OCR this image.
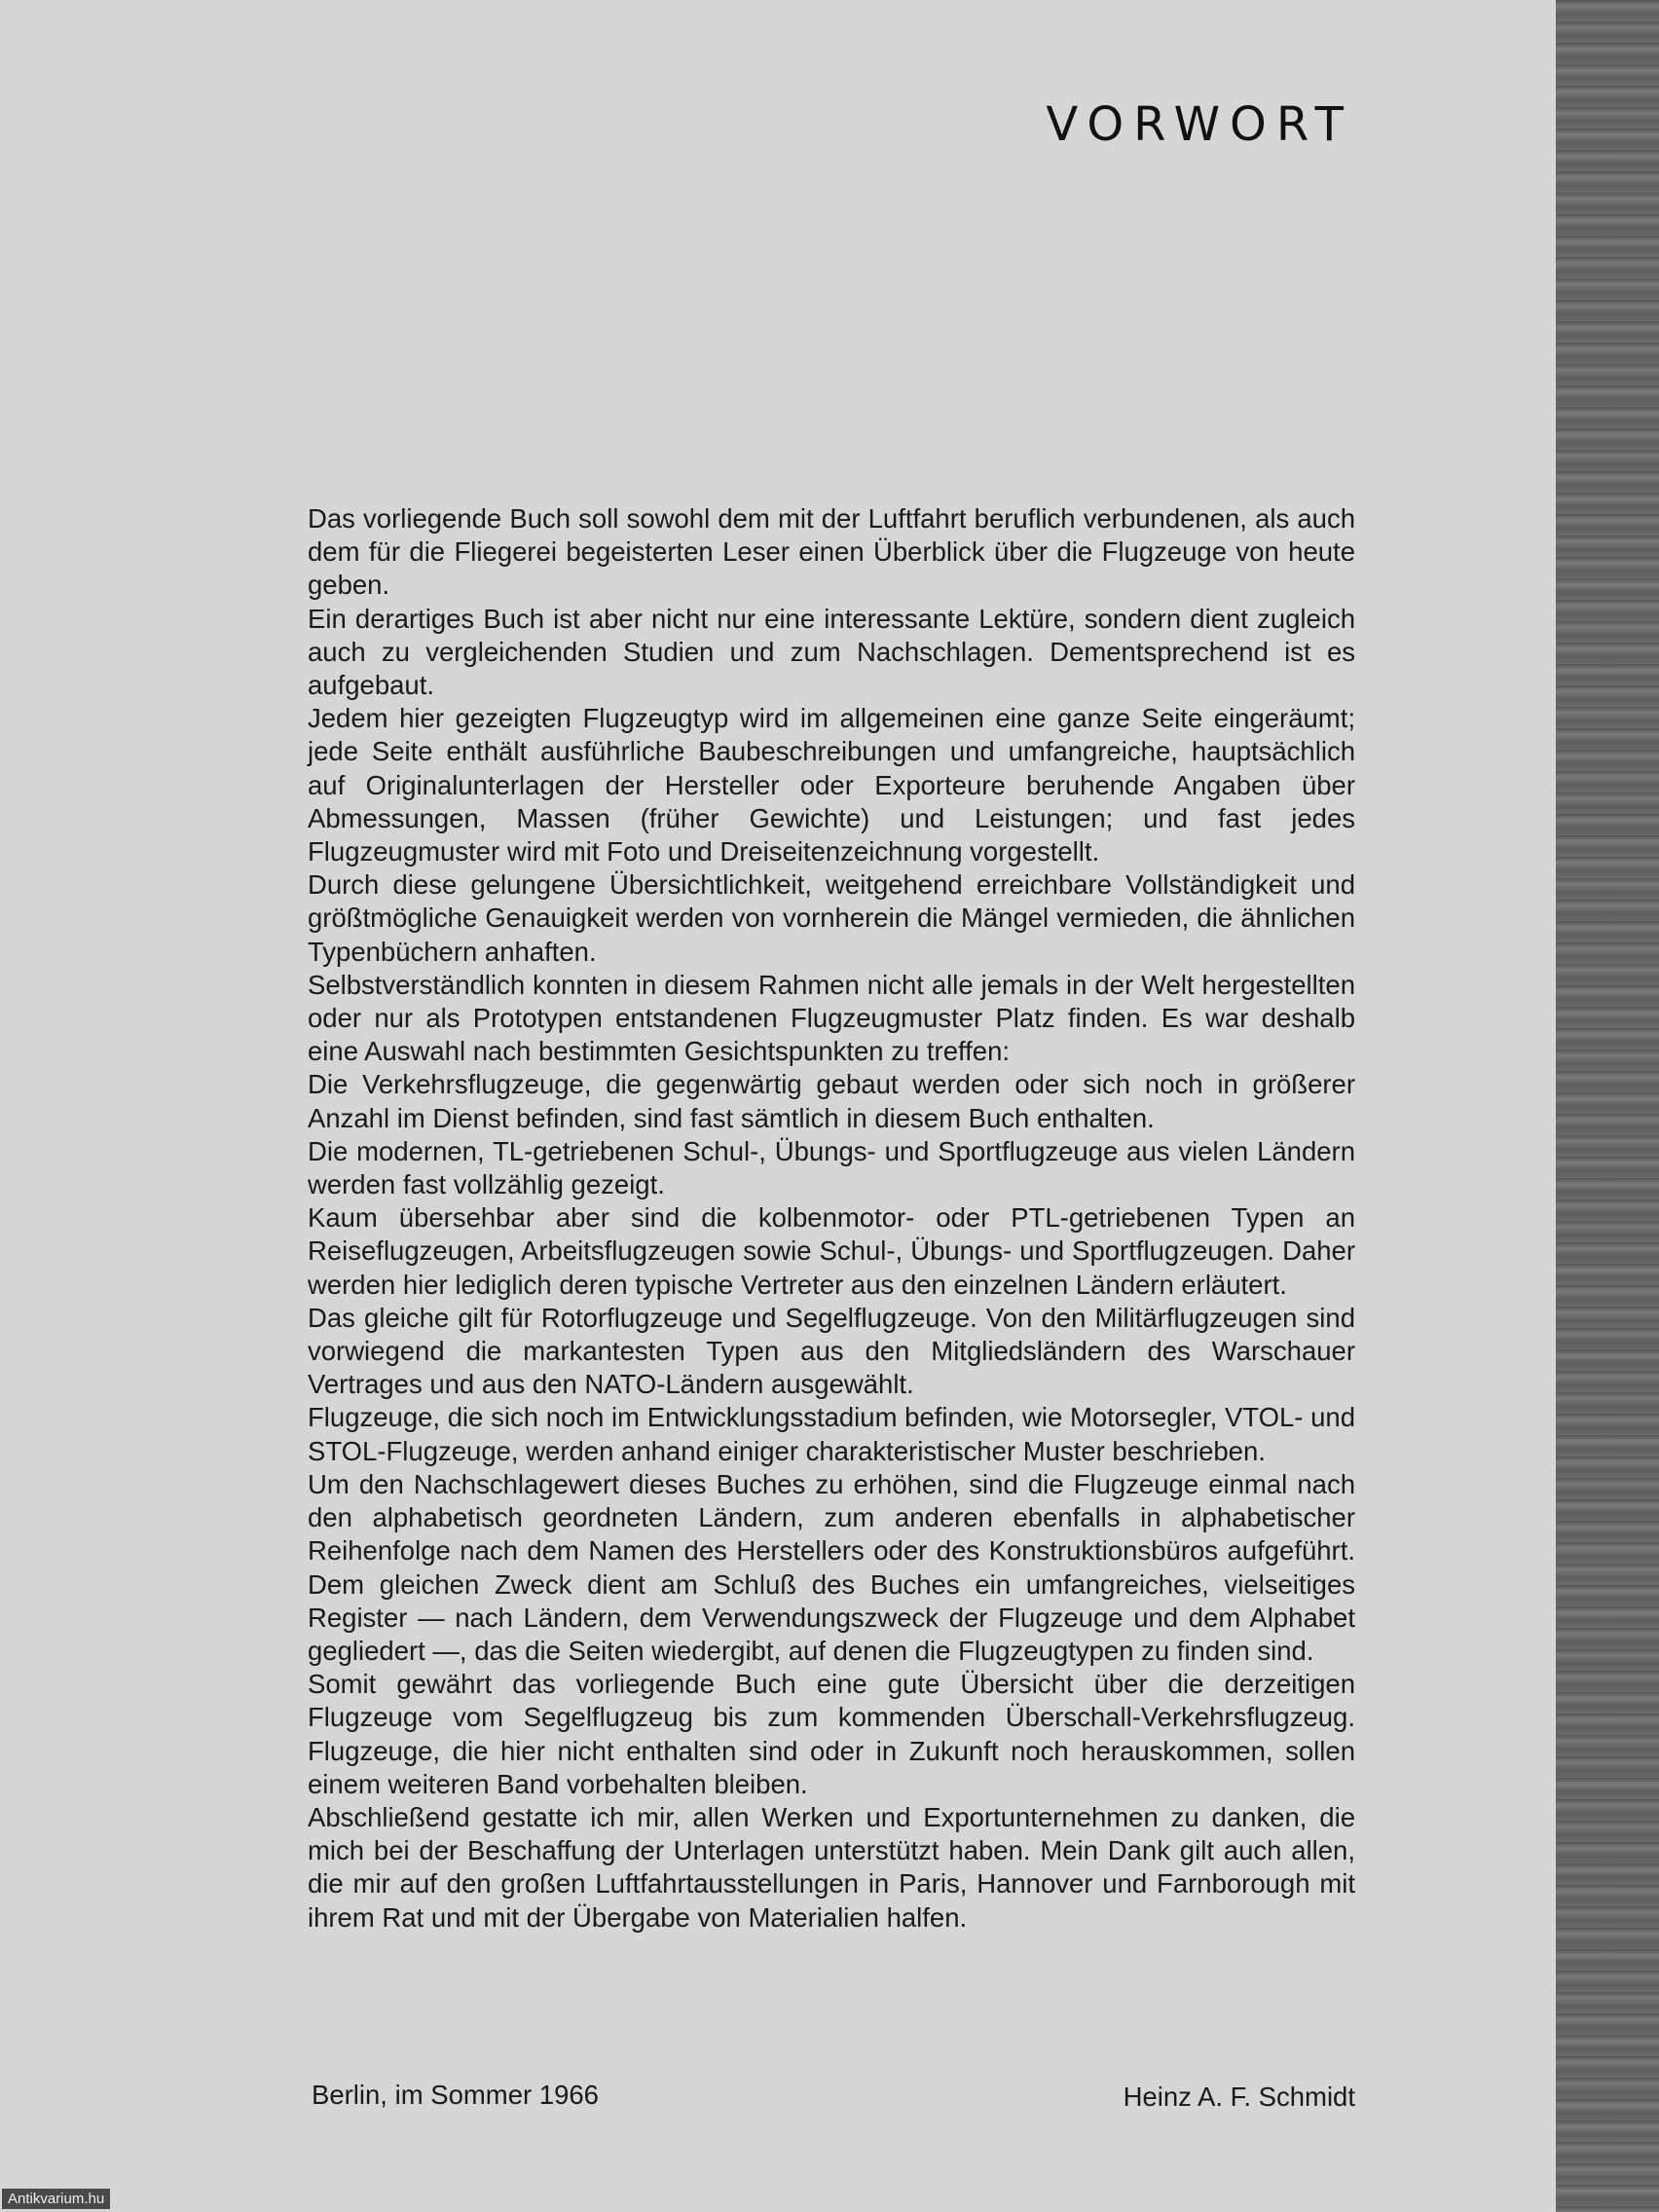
VORWORT

Das vorliegende Buch soll sowohl dem mit der Luftfahrt beruflich verbundenen, als auch dem für die Fliegerei begeisterten Leser einen Überblick über die Flugzeuge von heute geben.

Ein derartiges Buch ist aber nicht nur eine interessante Lektüre, sondern dient zugleich auch zu vergleichenden Studien und zum Nachschlagen. Dementsprechend ist es aufgebaut.

Jedem hier gezeigten Flugzeugtyp wird im allgemeinen eine ganze Seite eingeräumt; jede Seite enthält ausführliche Baubeschreibungen und umfangreiche, hauptsächlich auf Originalunterlagen der Hersteller oder Exporteure beruhende Angaben über Abmessungen, Massen (früher Gewichte) und Leistungen; und fast jedes Flugzeugmuster wird mit Foto und Dreiseitenzeichnung vorgestellt.

Durch diese gelungene Übersichtlichkeit, weitgehend erreichbare Vollständigkeit und größtmögliche Genauigkeit werden von vornherein die Mängel vermieden, die ähnlichen Typenbüchern anhaften.

Selbstverständlich konnten in diesem Rahmen nicht alle jemals in der Welt hergestellten oder nur als Prototypen entstandenen Flugzeugmuster Platz finden. Es war deshalb eine Auswahl nach bestimmten Gesichtspunkten zu treffen:

Die Verkehrsflugzeuge, die gegenwärtig gebaut werden oder sich noch in größerer Anzahl im Dienst befinden, sind fast sämtlich in diesem Buch enthalten.

Die modernen, TL-getriebenen Schul-, Übungs- und Sportflugzeuge aus vielen Ländern werden fast vollzählig gezeigt.

Kaum übersehbar aber sind die kolbenmotor- oder PTL-getriebenen Typen an Reiseflugzeugen, Arbeitsflugzeugen sowie Schul-, Übungs- und Sportflugzeugen. Daher werden hier lediglich deren typische Vertreter aus den einzelnen Ländern erläutert.

Das gleiche gilt für Rotorflugzeuge und Segelflugzeuge. Von den Militärflugzeugen sind vorwiegend die markantesten Typen aus den Mitgliedsländern des Warschauer Vertrages und aus den NATO-Ländern ausgewählt.

Flugzeuge, die sich noch im Entwicklungsstadium befinden, wie Motorsegler, VTOL- und STOL-Flugzeuge, werden anhand einiger charakteristischer Muster beschrieben.

Um den Nachschlagewert dieses Buches zu erhöhen, sind die Flugzeuge einmal nach den alphabetisch geordneten Ländern, zum anderen ebenfalls in alphabetischer Reihenfolge nach dem Namen des Herstellers oder des Konstruktionsbüros aufgeführt. Dem gleichen Zweck dient am Schluß des Buches ein umfangreiches, vielseitiges Register — nach Ländern, dem Verwendungszweck der Flugzeuge und dem Alphabet gegliedert —, das die Seiten wiedergibt, auf denen die Flugzeugtypen zu finden sind.

Somit gewährt das vorliegende Buch eine gute Übersicht über die derzeitigen Flugzeuge vom Segelflugzeug bis zum kommenden Überschall-Verkehrsflugzeug. Flugzeuge, die hier nicht enthalten sind oder in Zukunft noch herauskommen, sollen einem weiteren Band vorbehalten bleiben.

Abschließend gestatte ich mir, allen Werken und Exportunternehmen zu danken, die mich bei der Beschaffung der Unterlagen unterstützt haben. Mein Dank gilt auch allen, die mir auf den großen Luftfahrtausstellungen in Paris, Hannover und Farnborough mit ihrem Rat und mit der Übergabe von Materialien halfen.

Berlin, im Sommer 1966	Heinz A. F. Schmidt
Antikvarium.hu
